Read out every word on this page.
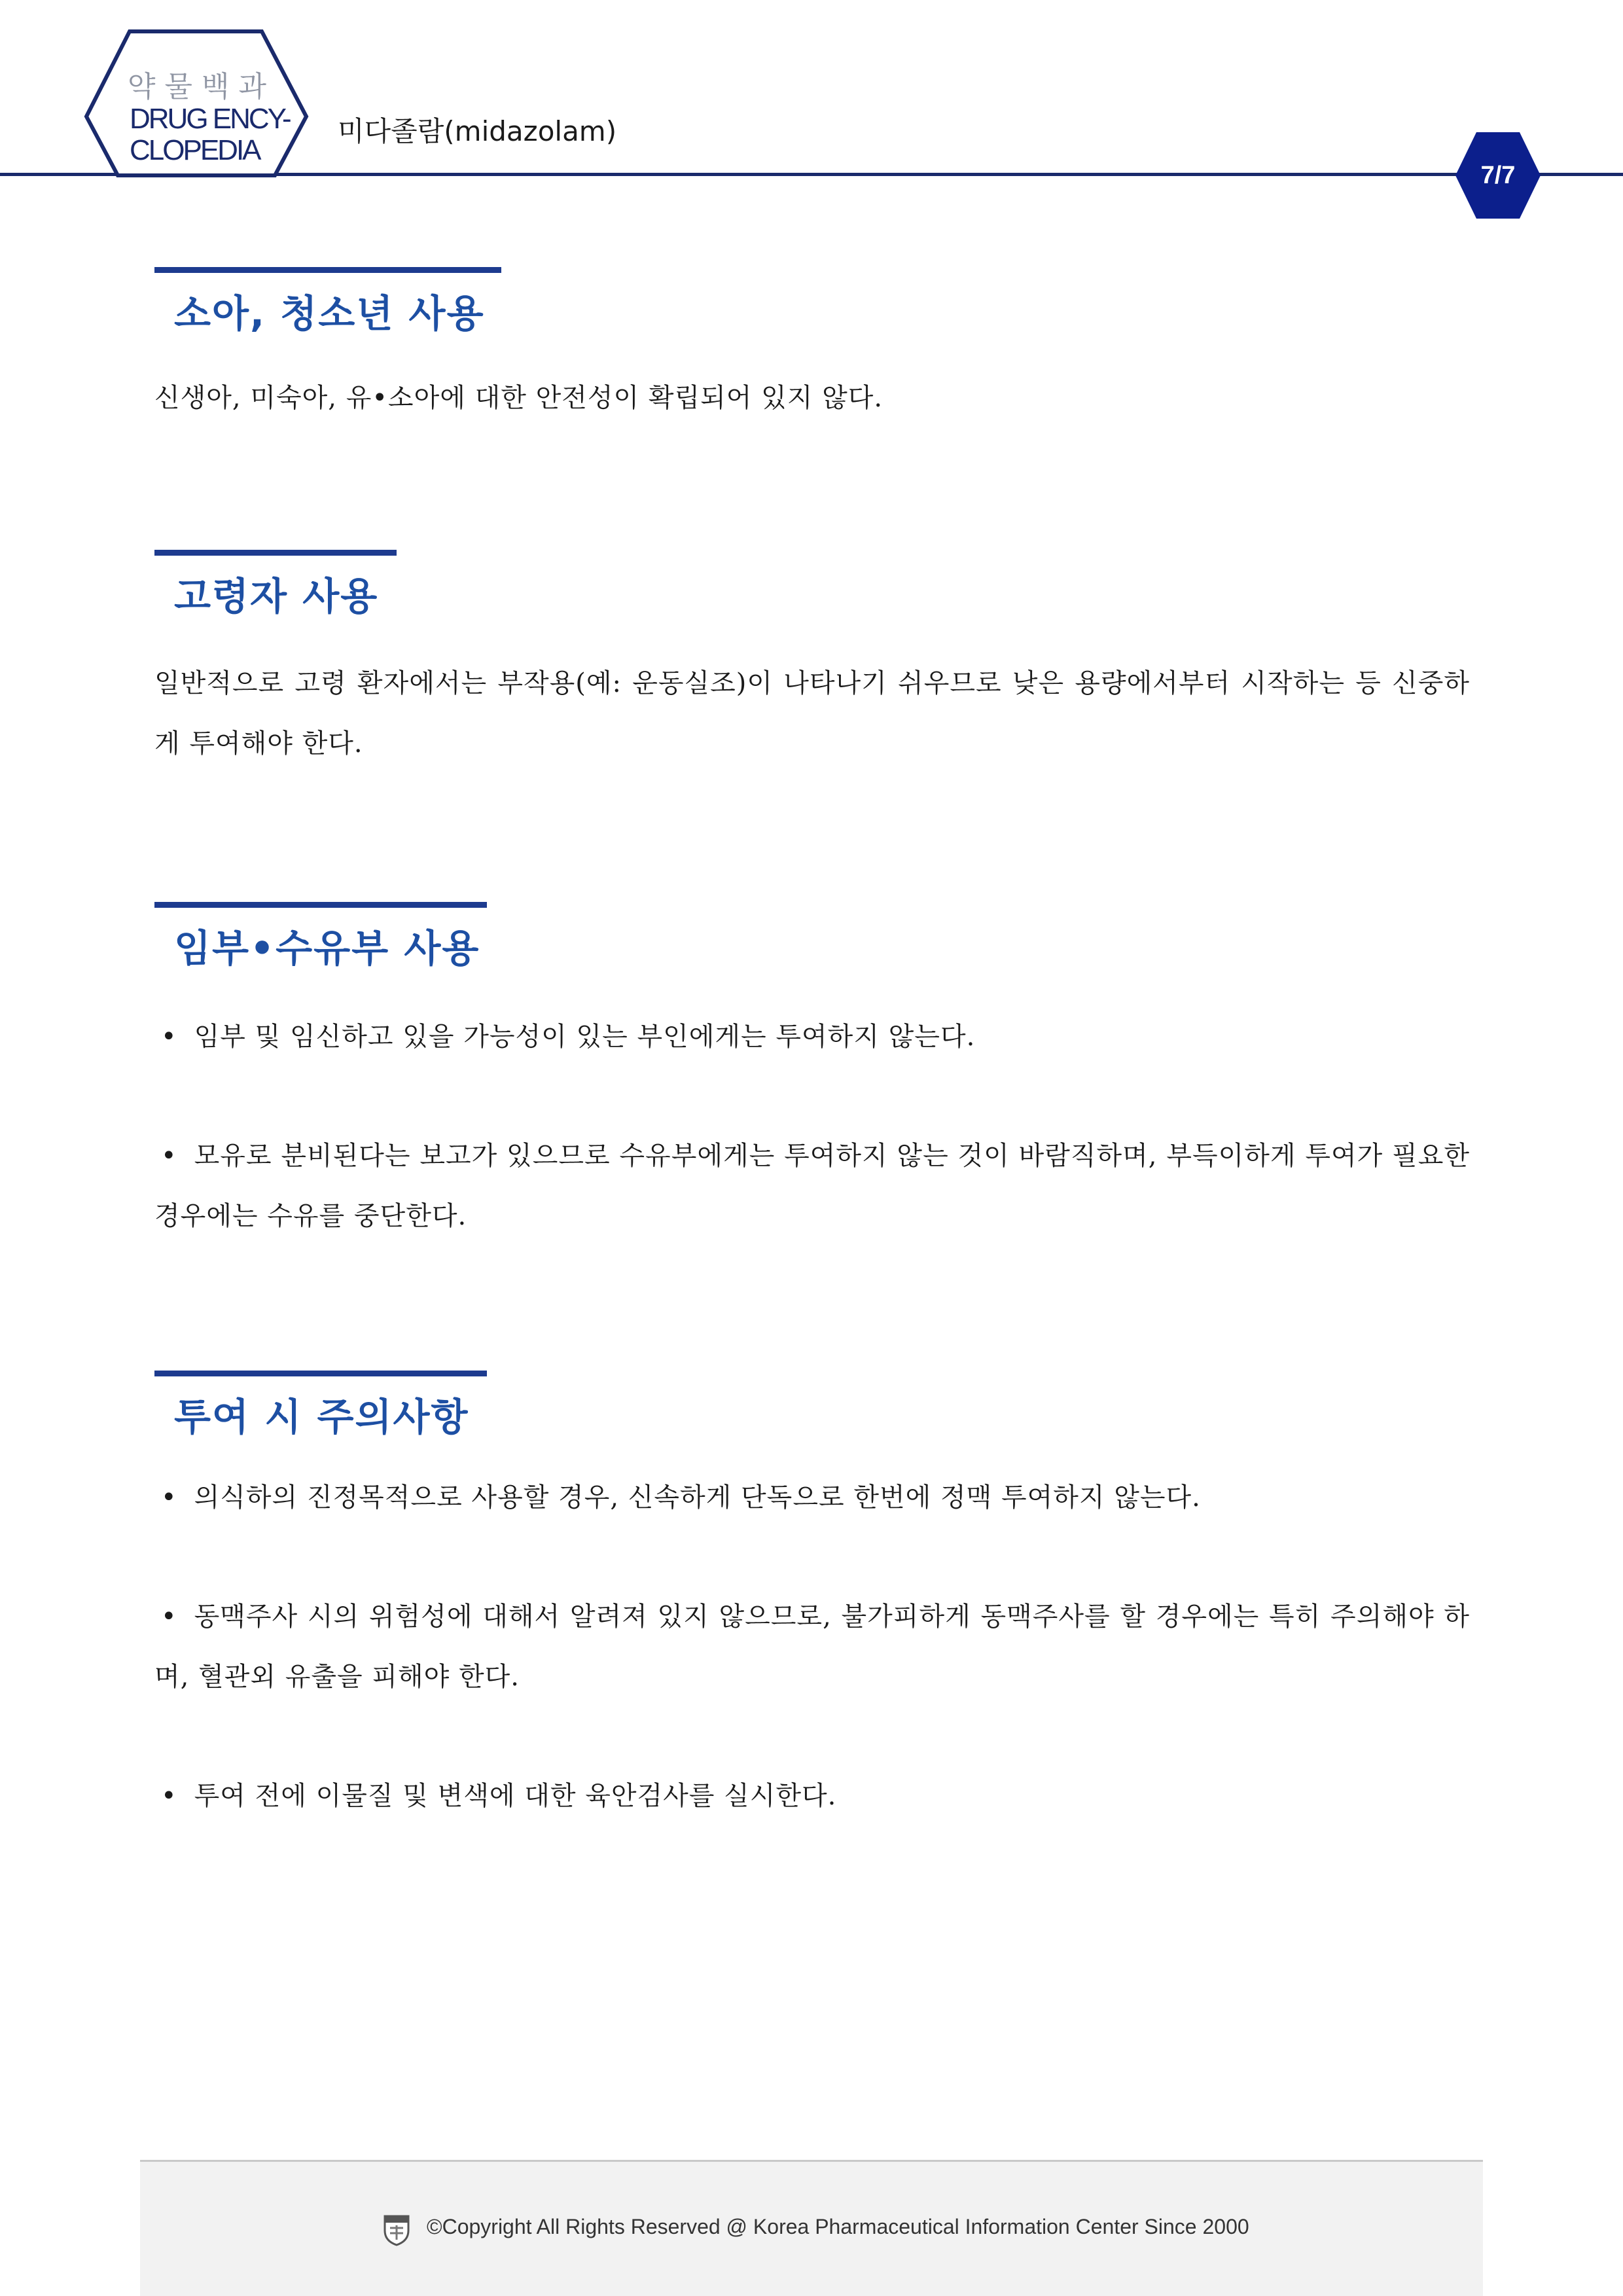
약물백과
DRUG ENCY-
CLOPEDIA
미다졸람(midazolam)
7/7
소아, 청소년 사용
신생아, 미숙아, 유•소아에 대한 안전성이 확립되어 있지 않다.
고령자 사용
일반적으로 고령 환자에서는 부작용(예: 운동실조)이 나타나기 쉬우므로 낮은 용량에서부터 시작하는 등 신중하게 투여해야 한다.
임부•수유부 사용
• 임부 및 임신하고 있을 가능성이 있는 부인에게는 투여하지 않는다.
• 모유로 분비된다는 보고가 있으므로 수유부에게는 투여하지 않는 것이 바람직하며, 부득이하게 투여가 필요한 경우에는 수유를 중단한다.
투여 시 주의사항
• 의식하의 진정목적으로 사용할 경우, 신속하게 단독으로 한번에 정맥 투여하지 않는다.
• 동맥주사 시의 위험성에 대해서 알려져 있지 않으므로, 불가피하게 동맥주사를 할 경우에는 특히 주의해야 하며, 혈관외 유출을 피해야 한다.
• 투여 전에 이물질 및 변색에 대한 육안검사를 실시한다.
©Copyright All Rights Reserved @ Korea Pharmaceutical Information Center Since 2000
